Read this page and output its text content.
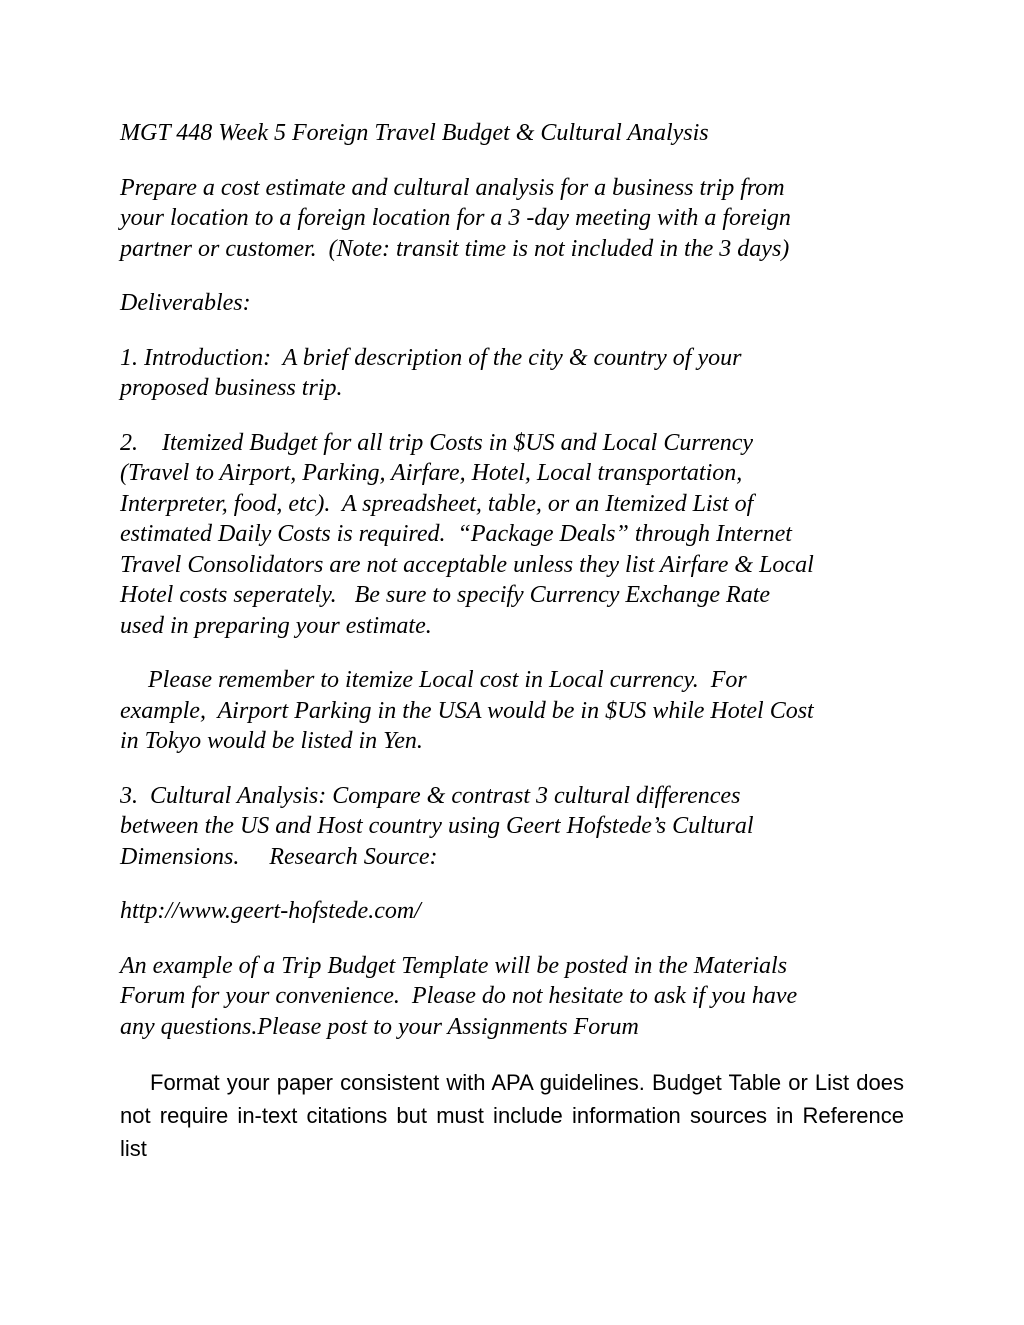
MGT 448 Week 5 Foreign Travel Budget & Cultural Analysis

Prepare a cost estimate and cultural analysis for a business trip from
your location to a foreign location for a 3 -day meeting with a foreign
partner or customer.  (Note: transit time is not included in the 3 days)

Deliverables:

1. Introduction:  A brief description of the city & country of your
proposed business trip.

2.    Itemized Budget for all trip Costs in $US and Local Currency
(Travel to Airport, Parking, Airfare, Hotel, Local transportation,
Interpreter, food, etc).  A spreadsheet, table, or an Itemized List of
estimated Daily Costs is required.  “Package Deals” through Internet
Travel Consolidators are not acceptable unless they list Airfare & Local
Hotel costs seperately.   Be sure to specify Currency Exchange Rate
used in preparing your estimate.

Please remember to itemize Local cost in Local currency.  For
example,  Airport Parking in the USA would be in $US while Hotel Cost
in Tokyo would be listed in Yen.

3.  Cultural Analysis: Compare & contrast 3 cultural differences
between the US and Host country using Geert Hofstede’s Cultural
Dimensions.     Research Source:

http://www.geert-hofstede.com/

An example of a Trip Budget Template will be posted in the Materials
Forum for your convenience.  Please do not hesitate to ask if you have
any questions.Please post to your Assignments Forum

Format your paper consistent with APA guidelines. Budget Table or List does not require in-text citations but must include information sources in Reference list
